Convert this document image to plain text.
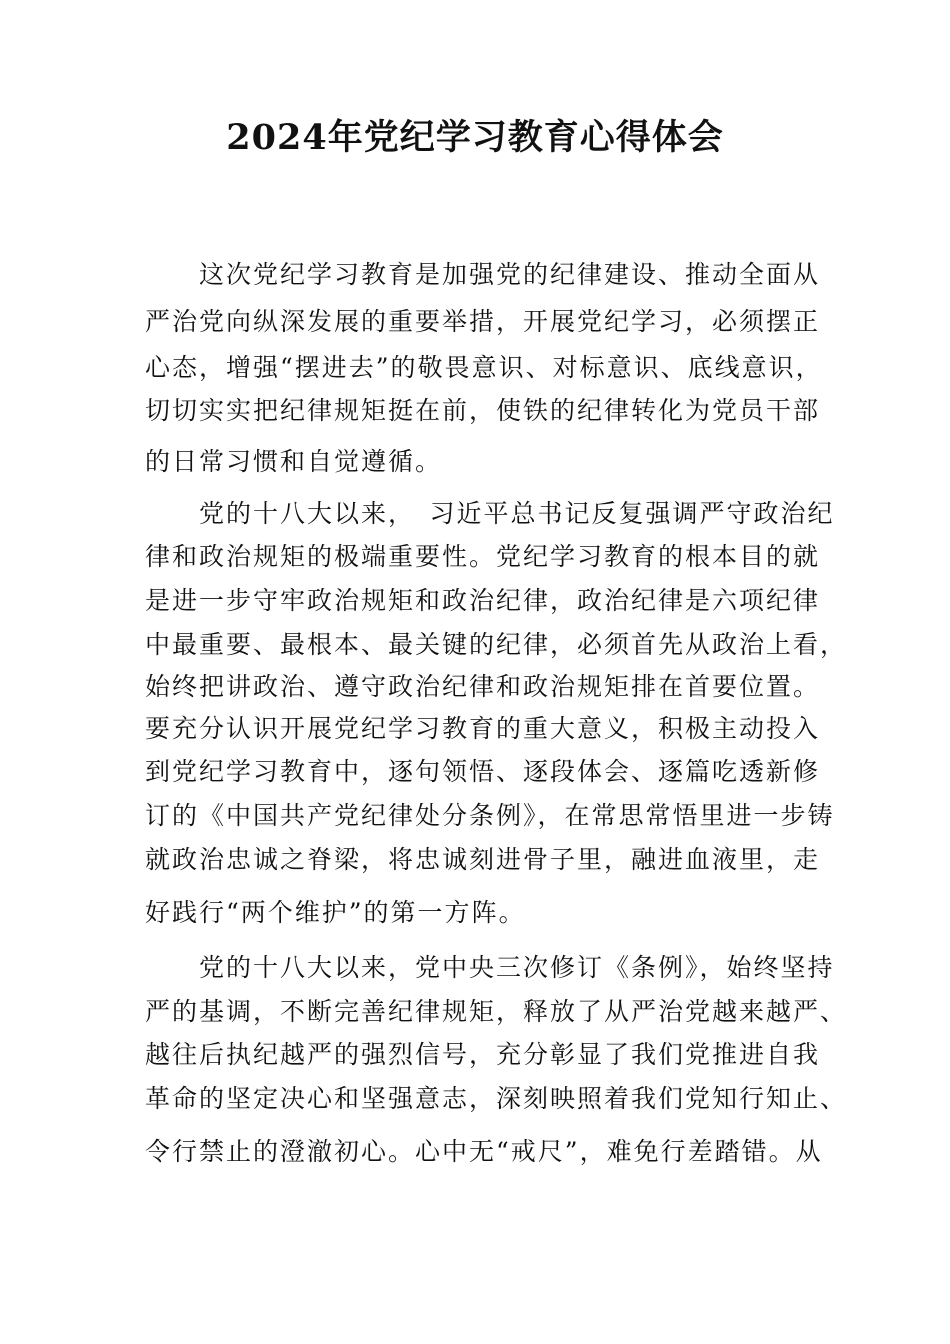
2024年党纪学习教育心得体会
这次党纪学习教育是加强党的纪律建设、推动全面从
严治党向纵深发展的重要举措，开展党纪学习，必须摆正
心态，增强“摆进去”的敬畏意识、对标意识、底线意识，
切切实实把纪律规矩挺在前，使铁的纪律转化为党员干部
的日常习惯和自觉遵循。
党的十八大以来，　习近平总书记反复强调严守政治纪
律和政治规矩的极端重要性。党纪学习教育的根本目的就
是进一步守牢政治规矩和政治纪律，政治纪律是六项纪律
中最重要、最根本、最关键的纪律，必须首先从政治上看，
始终把讲政治、遵守政治纪律和政治规矩排在首要位置。
要充分认识开展党纪学习教育的重大意义，积极主动投入
到党纪学习教育中，逐句领悟、逐段体会、逐篇吃透新修
订的《中国共产党纪律处分条例》，在常思常悟里进一步铸
就政治忠诚之脊梁，将忠诚刻进骨子里，融进血液里，走
好践行“两个维护”的第一方阵。
党的十八大以来，党中央三次修订《条例》，始终坚持
严的基调，不断完善纪律规矩，释放了从严治党越来越严、
越往后执纪越严的强烈信号，充分彰显了我们党推进自我
革命的坚定决心和坚强意志，深刻映照着我们党知行知止、
令行禁止的澄澈初心。心中无“戒尺”，难免行差踏错。从
